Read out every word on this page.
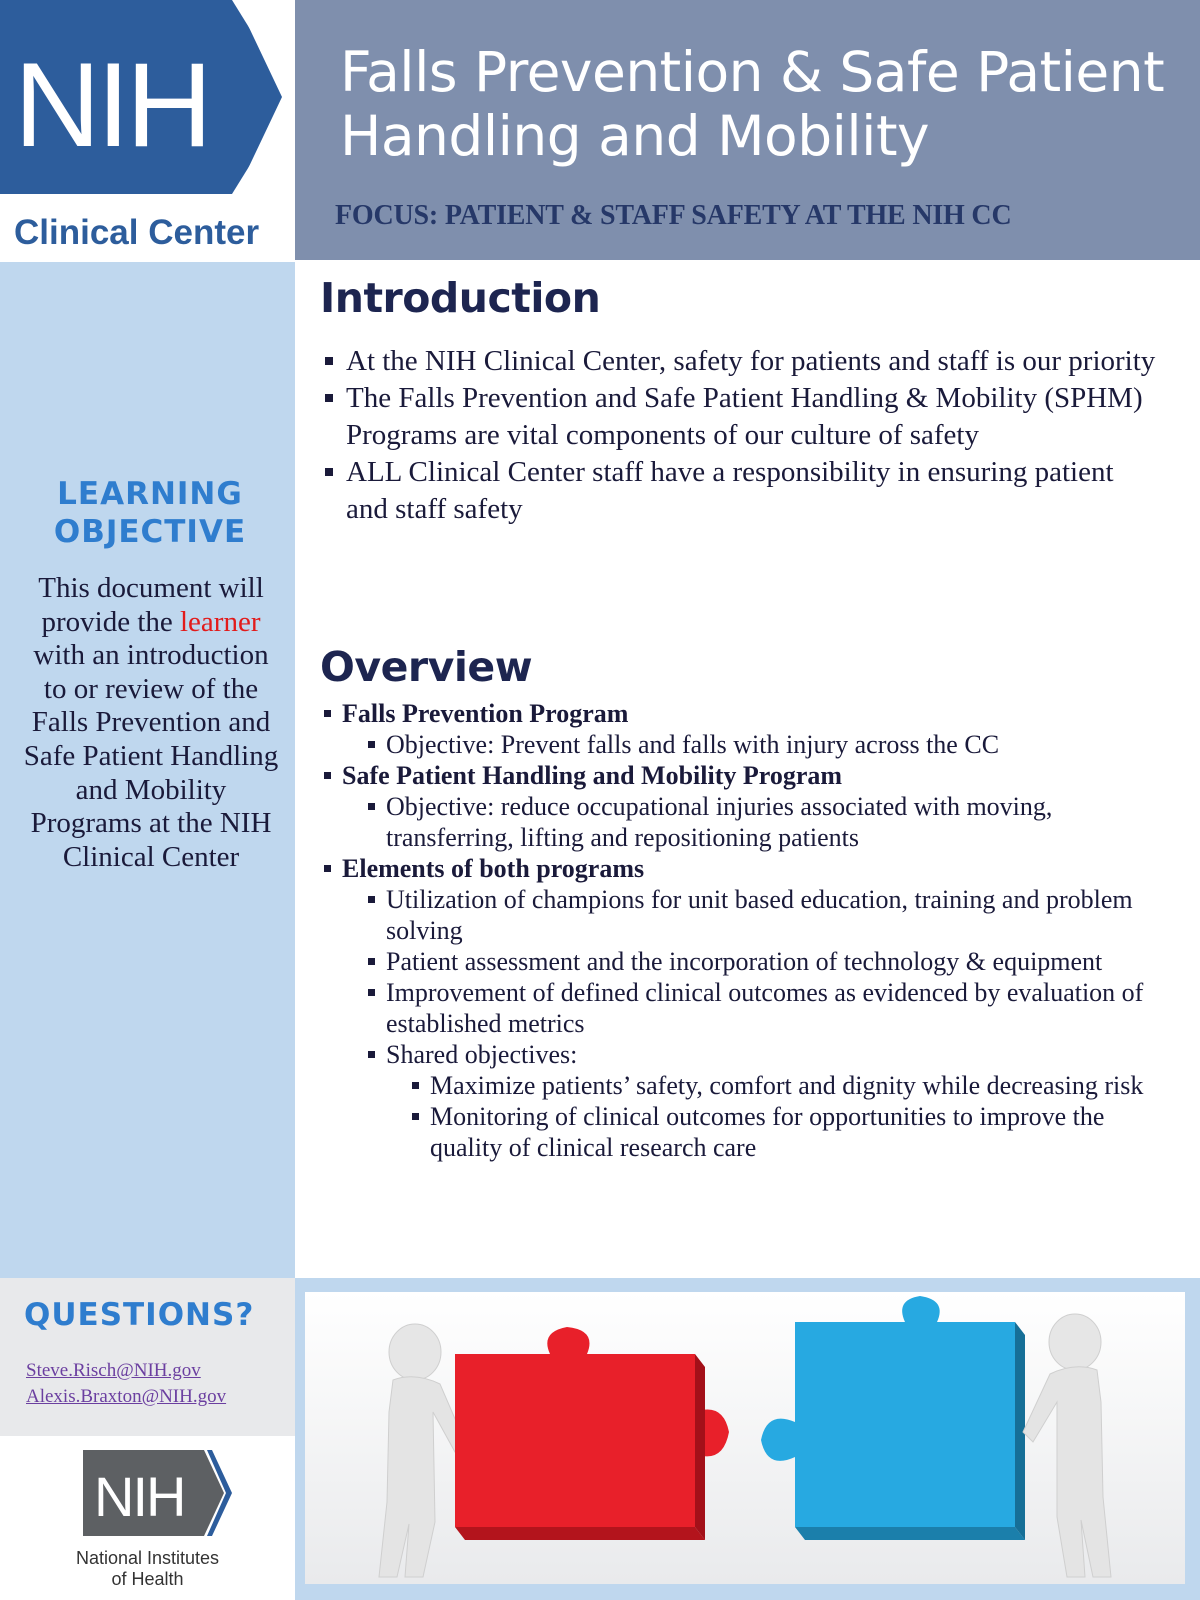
NIH
Clinical Center
Falls Prevention & Safe Patient Handling and Mobility
FOCUS: PATIENT & STAFF SAFETY AT THE NIH CC
LEARNING OBJECTIVE
This document will provide the learner with an introduction to or review of the Falls Prevention and Safe Patient Handling and Mobility Programs at the NIH Clinical Center
QUESTIONS?
Steve.Risch@NIH.gov
Alexis.Braxton@NIH.gov
NIH
National Institutes
of Health
Introduction
At the NIH Clinical Center, safety for patients and staff is our priority
The Falls Prevention and Safe Patient Handling & Mobility (SPHM) Programs are vital components of our culture of safety
ALL Clinical Center staff have a responsibility in ensuring patient and staff safety
Overview
Falls Prevention Program
Objective: Prevent falls and falls with injury across the CC
Safe Patient Handling and Mobility Program
Objective: reduce occupational injuries associated with moving, transferring, lifting and repositioning patients
Elements of both programs
Utilization of champions for unit based education, training and problem solving
Patient assessment and the incorporation of technology & equipment
Improvement of defined clinical outcomes as evidenced by evaluation of established metrics
Shared objectives:
Maximize patients’ safety, comfort and dignity while decreasing risk
Monitoring of clinical outcomes for opportunities to improve the quality of clinical research care
